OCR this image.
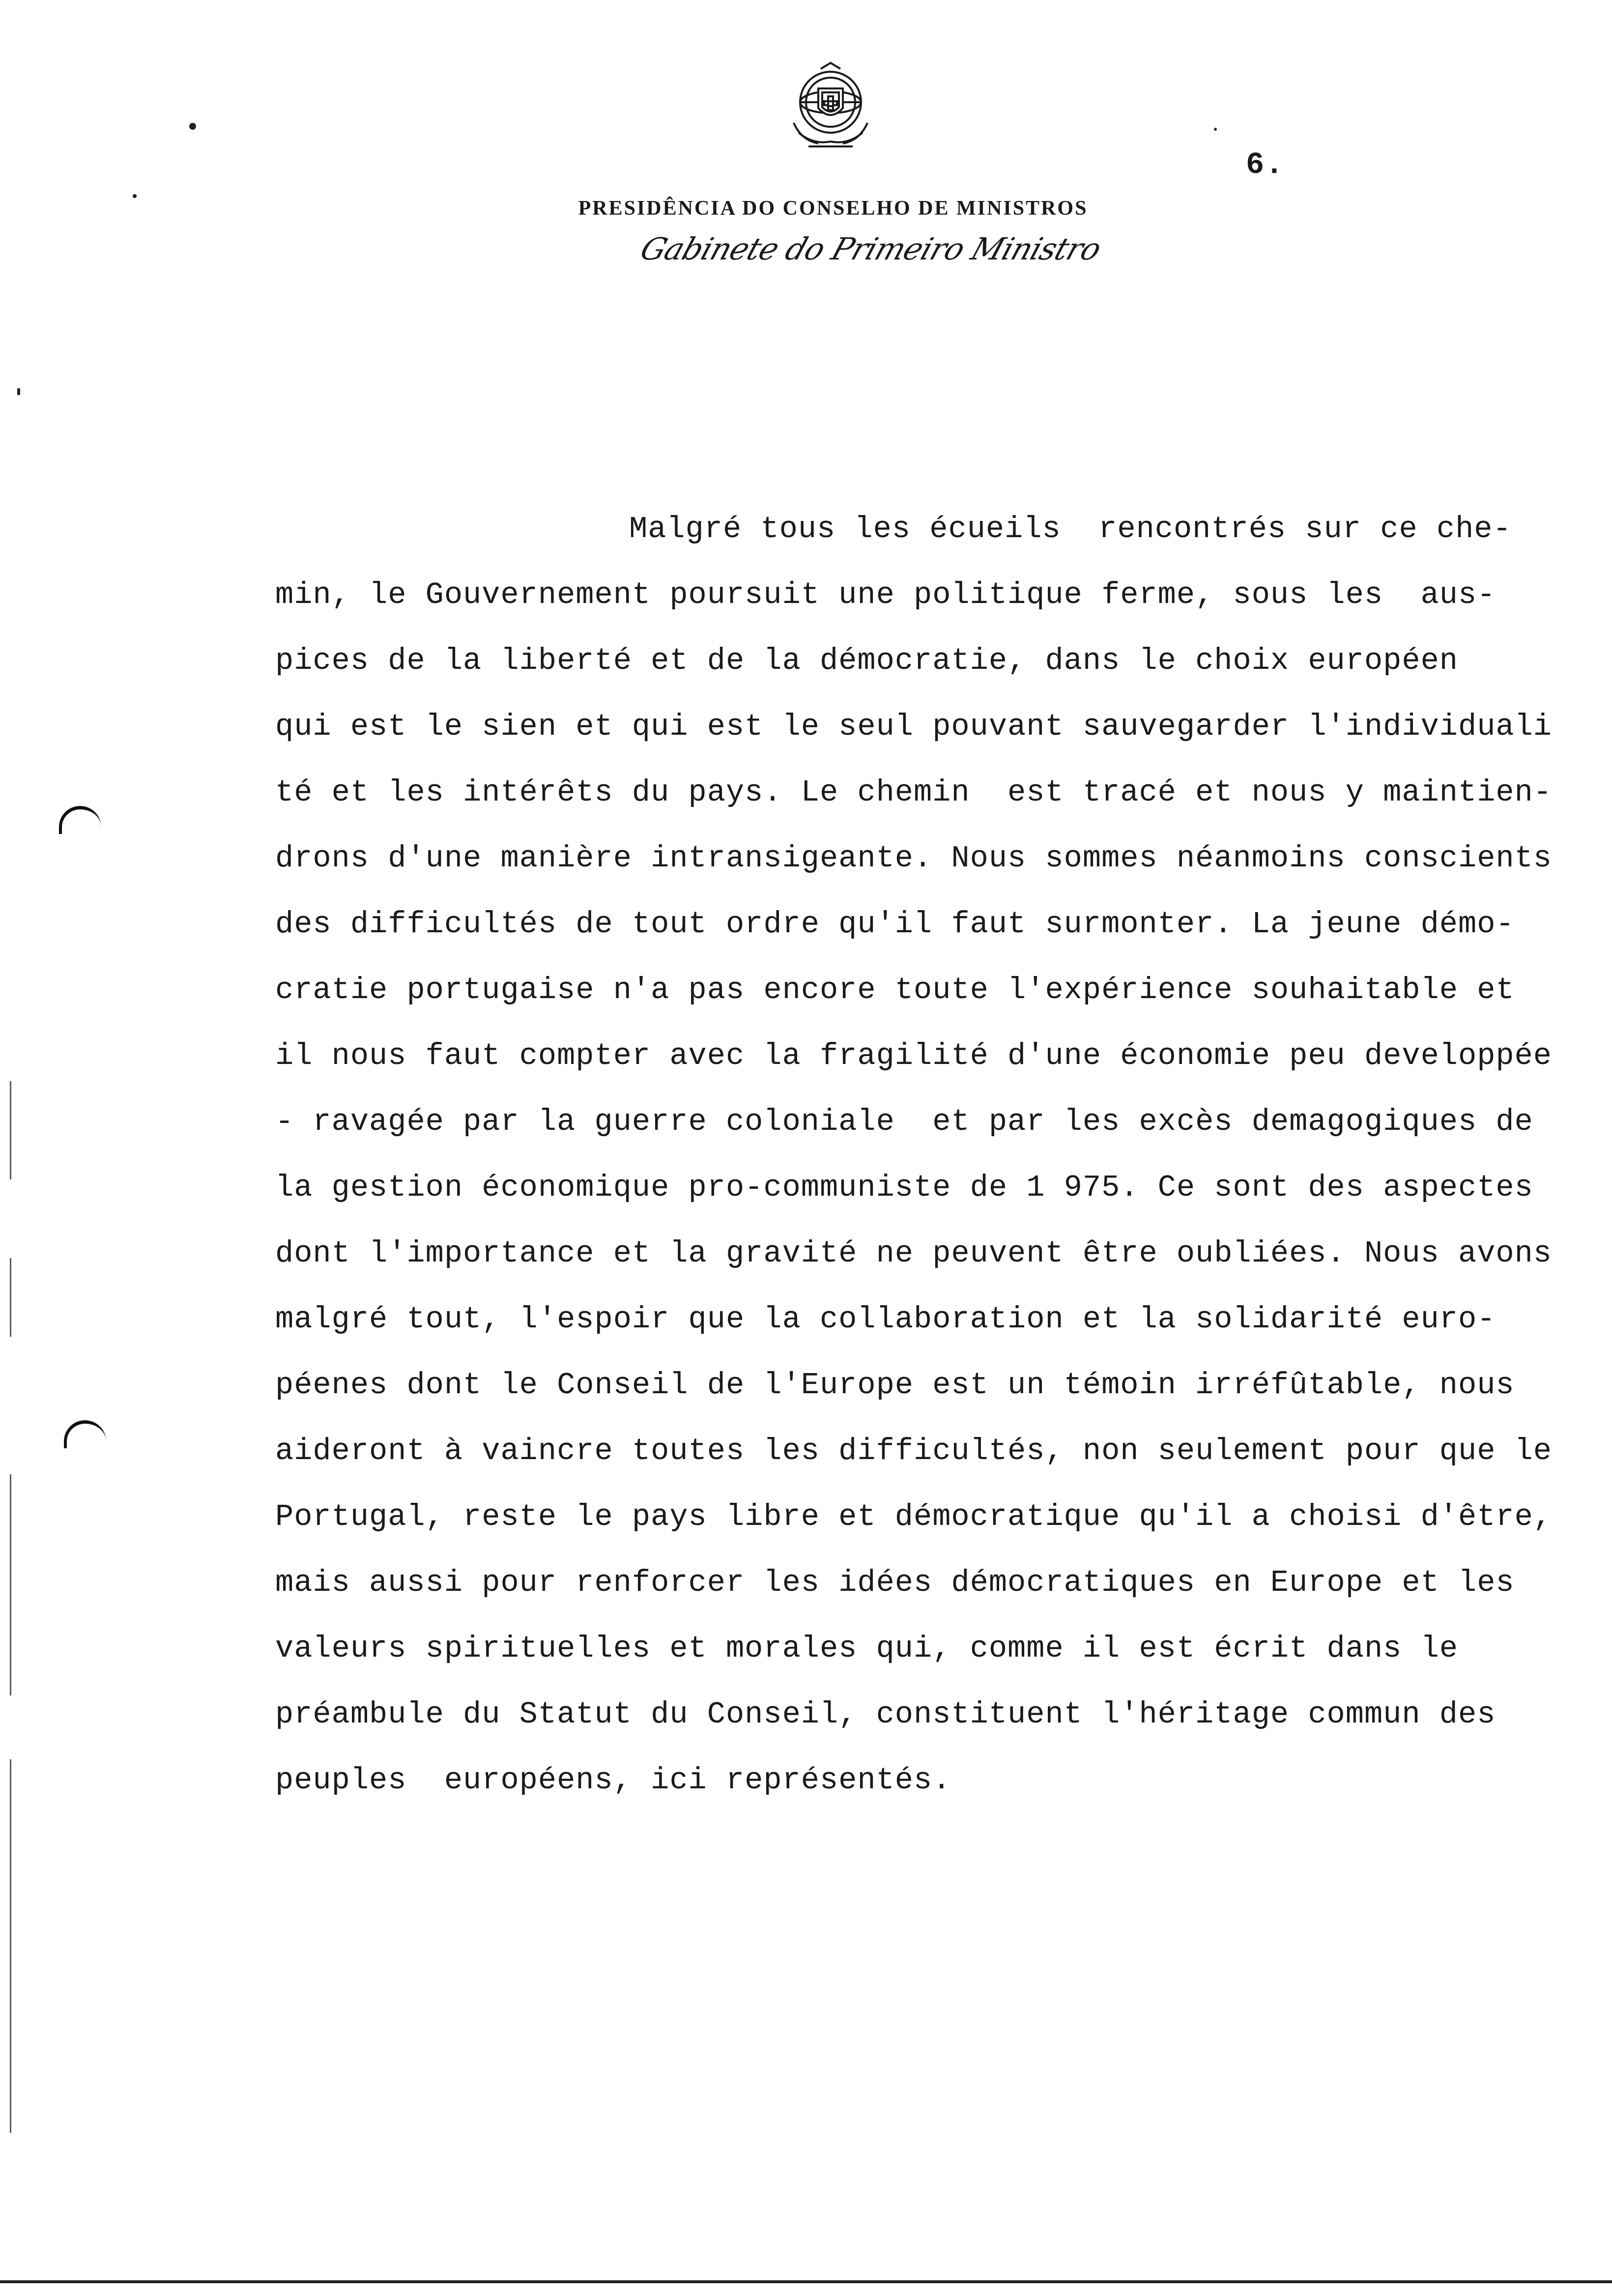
6.
PRESIDÊNCIA DO CONSELHO DE MINISTROS
Gabinete do Primeiro Ministro
Malgré tous les écueils  rencontrés sur ce che-
min, le Gouvernement poursuit une politique ferme, sous les  aus-
pices de la liberté et de la démocratie, dans le choix européen
qui est le sien et qui est le seul pouvant sauvegarder l'individuali
té et les intérêts du pays. Le chemin  est tracé et nous y maintien-
drons d'une manière intransigeante. Nous sommes néanmoins conscients
des difficultés de tout ordre qu'il faut surmonter. La jeune démo-
cratie portugaise n'a pas encore toute l'expérience souhaitable et
il nous faut compter avec la fragilité d'une économie peu developpée
- ravagée par la guerre coloniale  et par les excès demagogiques de
la gestion économique pro-communiste de 1 975. Ce sont des aspectes
dont l'importance et la gravité ne peuvent être oubliées. Nous avons
malgré tout, l'espoir que la collaboration et la solidarité euro-
péenes dont le Conseil de l'Europe est un témoin irréfûtable, nous
aideront à vaincre toutes les difficultés, non seulement pour que le
Portugal, reste le pays libre et démocratique qu'il a choisi d'être,
mais aussi pour renforcer les idées démocratiques en Europe et les
valeurs spirituelles et morales qui, comme il est écrit dans le
préambule du Statut du Conseil, constituent l'héritage commun des
peuples  européens, ici représentés.
